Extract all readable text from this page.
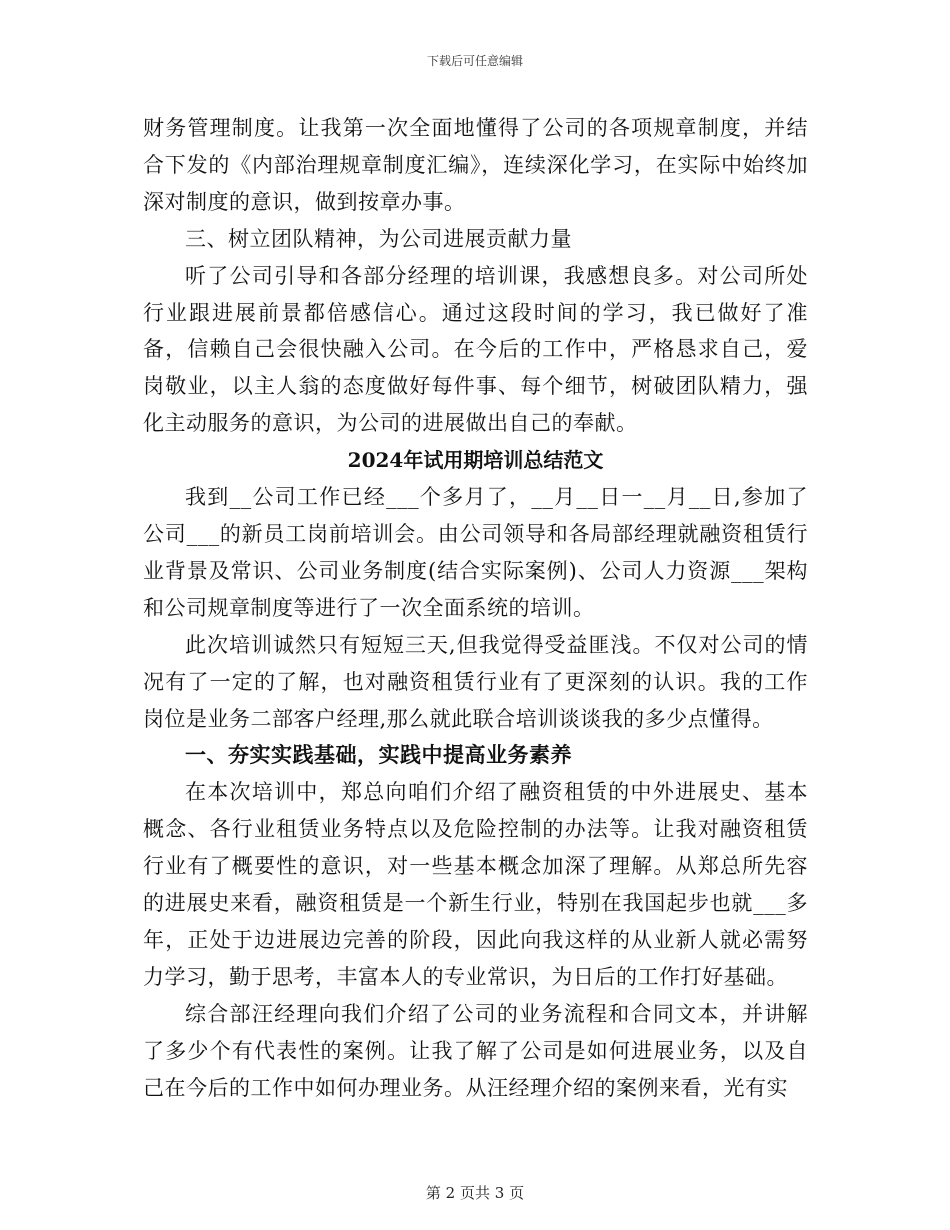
下载后可任意编辑

财务管理制度。让我第一次全面地懂得了公司的各项规章制度，并结合下发的《内部治理规章制度汇编》，连续深化学习，在实际中始终加深对制度的意识，做到按章办事。

三、树立团队精神，为公司进展贡献力量

听了公司引导和各部分经理的培训课，我感想良多。对公司所处行业跟进展前景都倍感信心。通过这段时间的学习，我已做好了准备，信赖自己会很快融入公司。在今后的工作中，严格恳求自己，爱岗敬业，以主人翁的态度做好每件事、每个细节，树破团队精力，强化主动服务的意识，为公司的进展做出自己的奉献。

2024年试用期培训总结范文

我到__公司工作已经___个多月了，__月__日一__月__日,参加了公司___的新员工岗前培训会。由公司领导和各局部经理就融资租赁行业背景及常识、公司业务制度(结合实际案例)、公司人力资源___架构和公司规章制度等进行了一次全面系统的培训。

此次培训诚然只有短短三天,但我觉得受益匪浅。不仅对公司的情况有了一定的了解，也对融资租赁行业有了更深刻的认识。我的工作岗位是业务二部客户经理,那么就此联合培训谈谈我的多少点懂得。

一、夯实实践基础，实践中提高业务素养

在本次培训中，郑总向咱们介绍了融资租赁的中外进展史、基本概念、各行业租赁业务特点以及危险控制的办法等。让我对融资租赁行业有了概要性的意识，对一些基本概念加深了理解。从郑总所先容的进展史来看，融资租赁是一个新生行业，特别在我国起步也就___多年，正处于边进展边完善的阶段，因此向我这样的从业新人就必需努力学习，勤于思考，丰富本人的专业常识，为日后的工作打好基础。

综合部汪经理向我们介绍了公司的业务流程和合同文本，并讲解了多少个有代表性的案例。让我了解了公司是如何进展业务，以及自己在今后的工作中如何办理业务。从汪经理介绍的案例来看，光有实

第 2 页共 3 页
